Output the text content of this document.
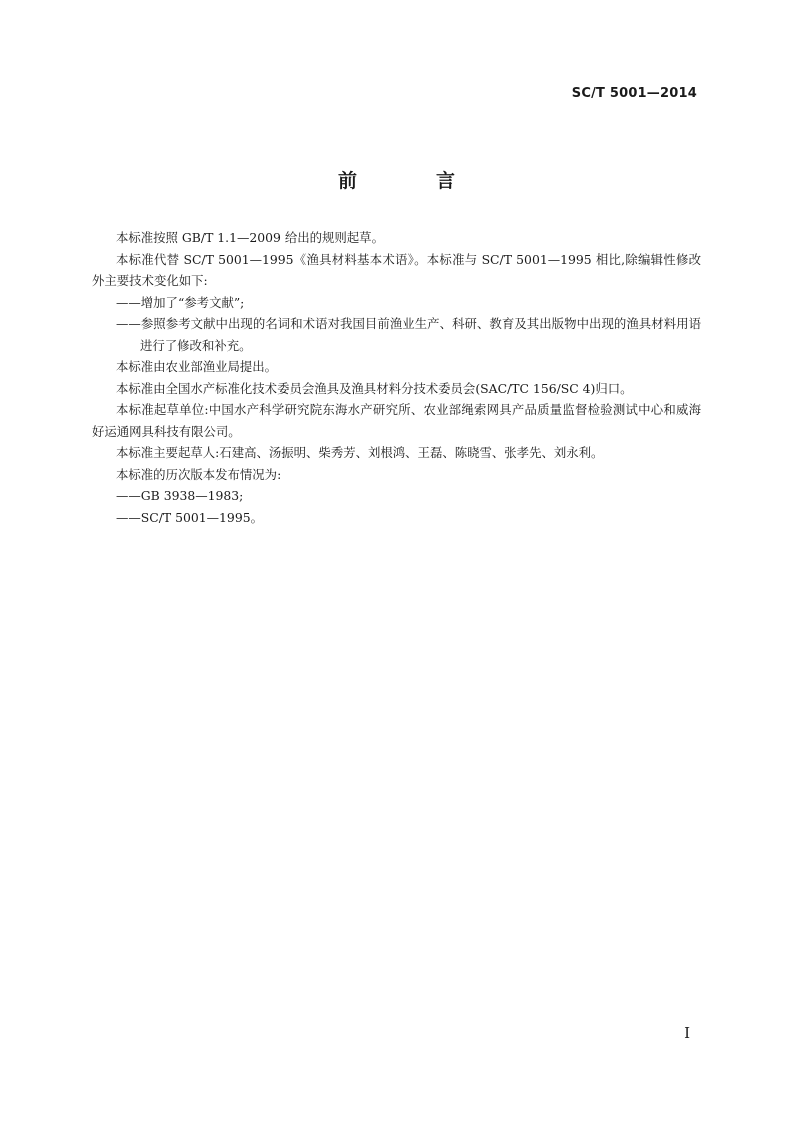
SC/T 5001—2014
前　言

本标准按照 GB/T 1.1—2009 给出的规则起草。

本标准代替 SC/T 5001—1995《渔具材料基本术语》。本标准与 SC/T 5001—1995 相比,除编辑性修改外主要技术变化如下:

——增加了“参考文献”;

——参照参考文献中出现的名词和术语对我国目前渔业生产、科研、教育及其出版物中出现的渔具材料用语进行了修改和补充。

本标准由农业部渔业局提出。

本标准由全国水产标准化技术委员会渔具及渔具材料分技术委员会(SAC/TC 156/SC 4)归口。

本标准起草单位:中国水产科学研究院东海水产研究所、农业部绳索网具产品质量监督检验测试中心和威海好运通网具科技有限公司。

本标准主要起草人:石建高、汤振明、柴秀芳、刘根鸿、王磊、陈晓雪、张孝先、刘永利。

本标准的历次版本发布情况为:

——GB 3938—1983;

——SC/T 5001—1995。

I
